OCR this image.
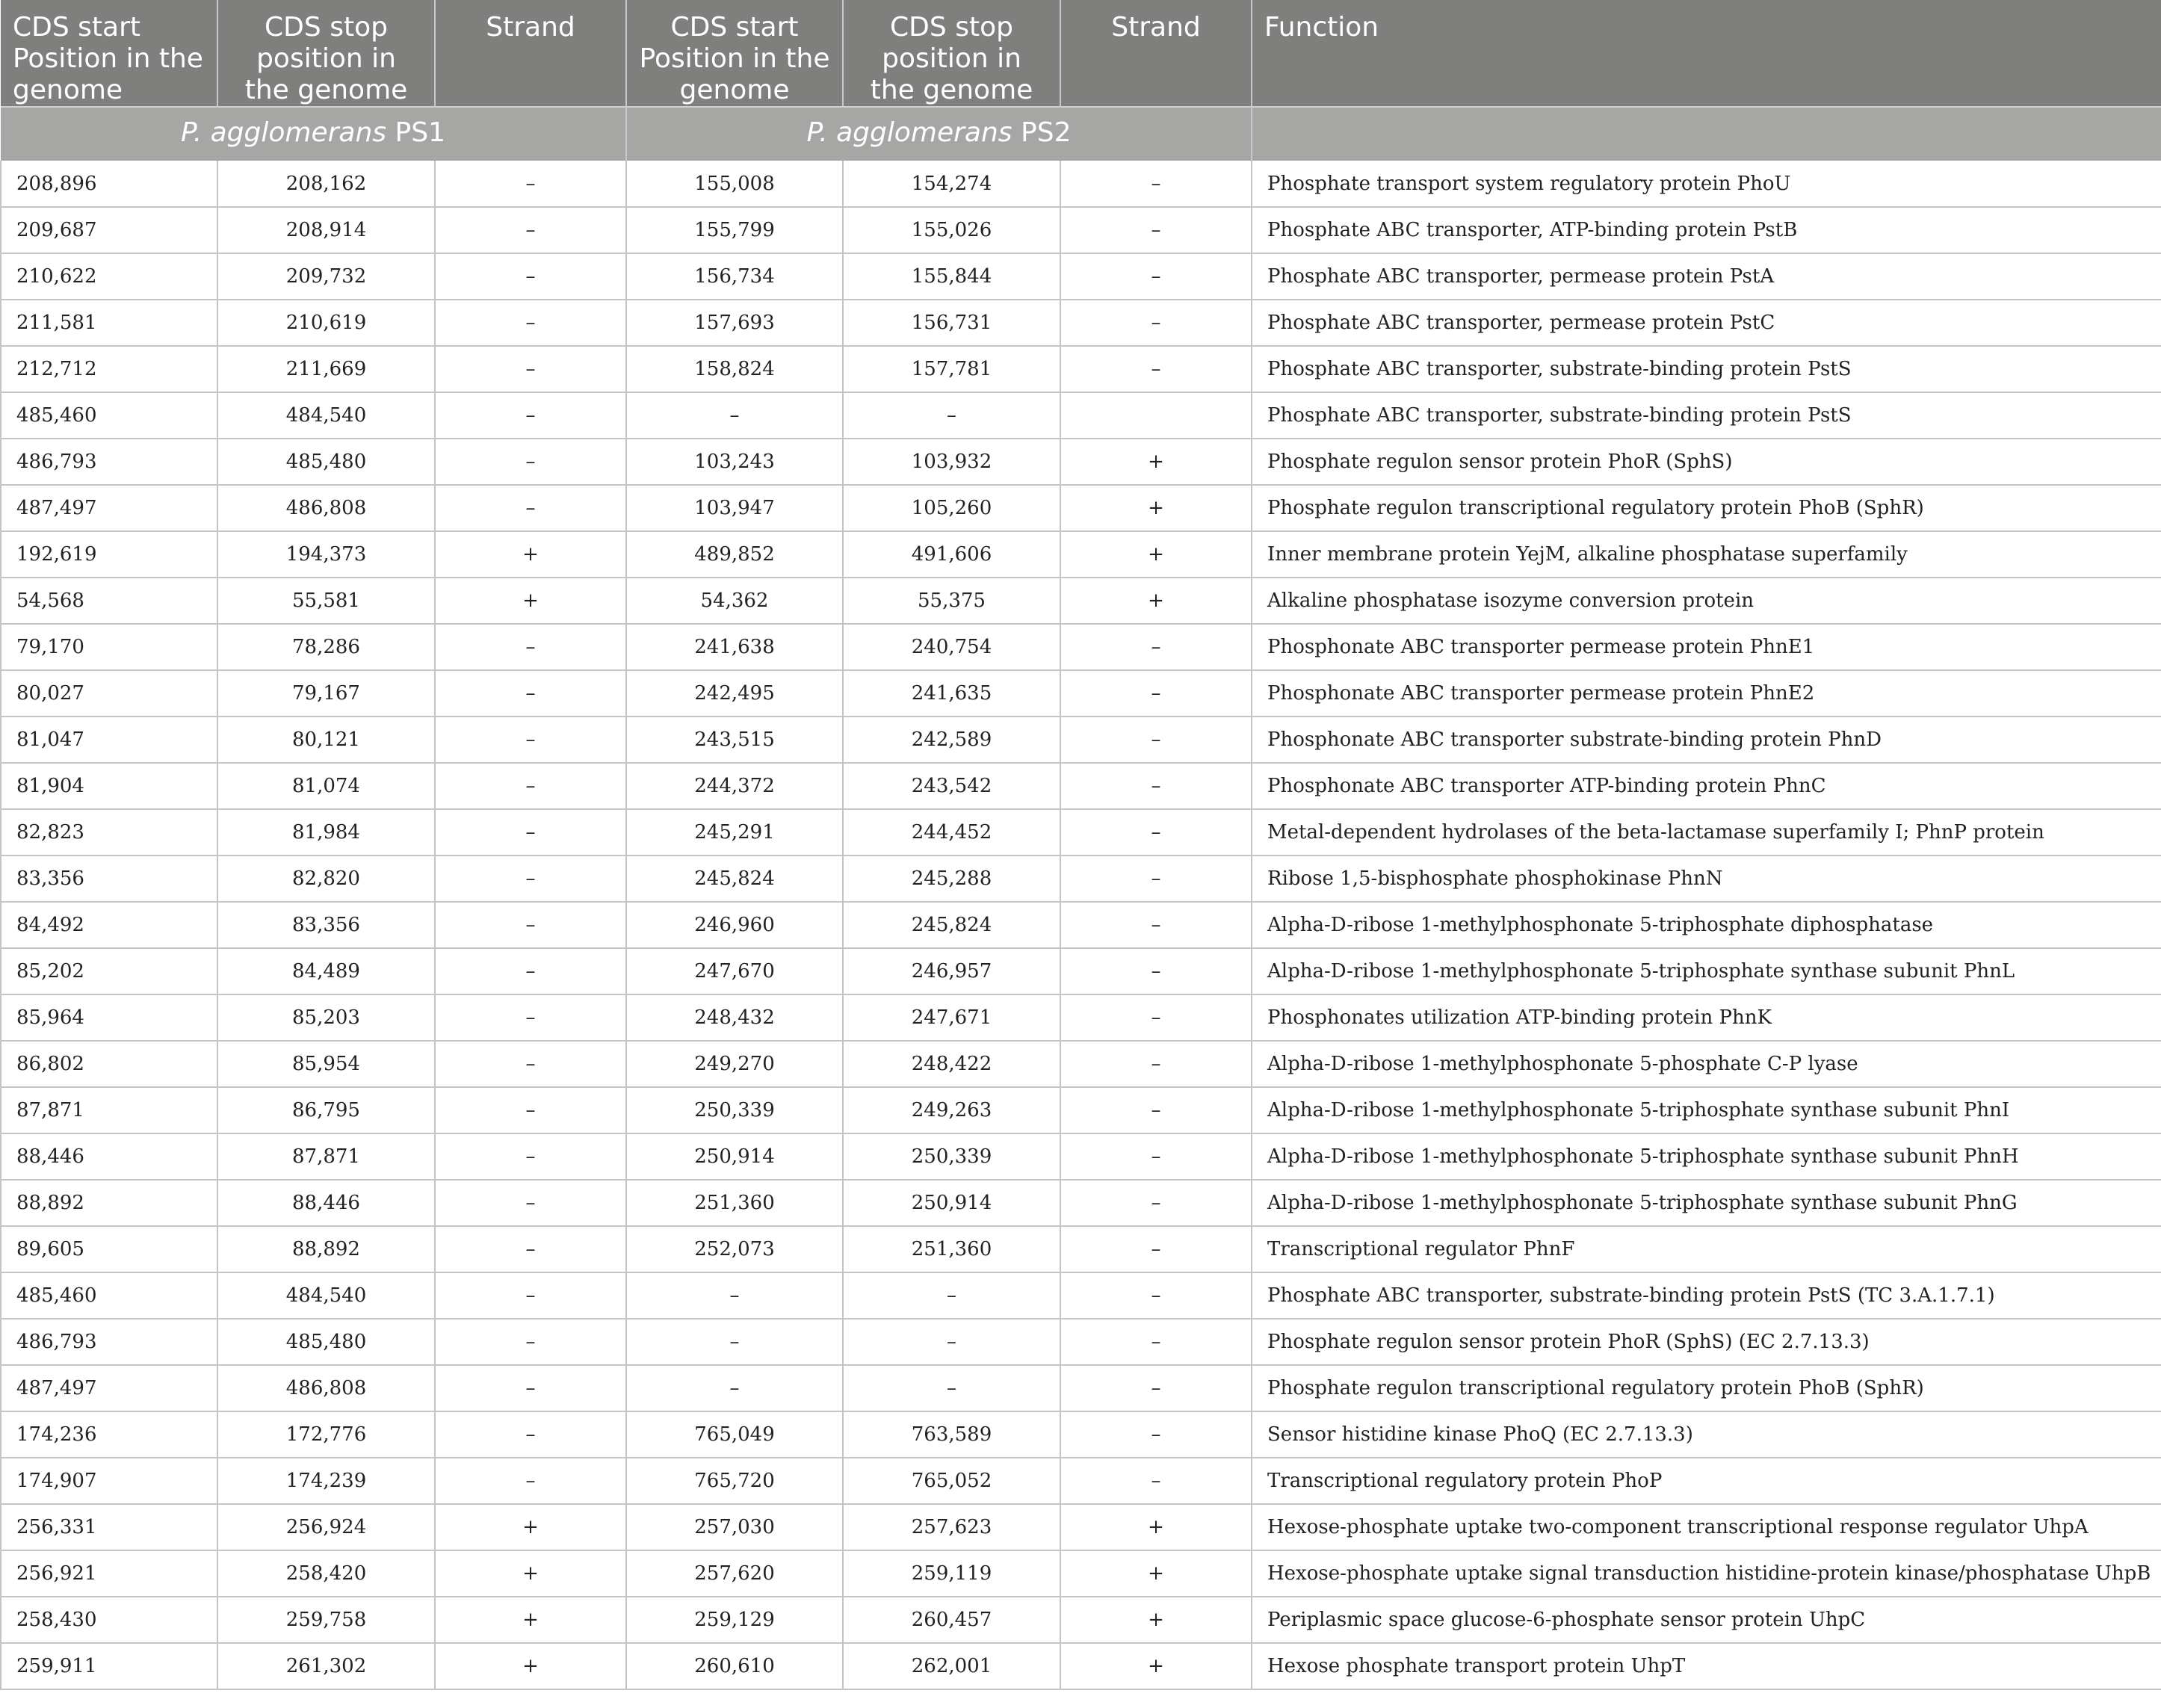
CDS start Position in the genome	CDS stop position in the genome	Strand	CDS start Position in the genome	CDS stop position in the genome	Strand	Function
P. agglomerans PS1			P. agglomerans PS2			
208,896	208,162	–	155,008	154,274	–	Phosphate transport system regulatory protein PhoU
209,687	208,914	–	155,799	155,026	–	Phosphate ABC transporter, ATP-binding protein PstB
210,622	209,732	–	156,734	155,844	–	Phosphate ABC transporter, permease protein PstA
211,581	210,619	–	157,693	156,731	–	Phosphate ABC transporter, permease protein PstC
212,712	211,669	–	158,824	157,781	–	Phosphate ABC transporter, substrate-binding protein PstS
485,460	484,540	–	–	–		Phosphate ABC transporter, substrate-binding protein PstS
486,793	485,480	–	103,243	103,932	+	Phosphate regulon sensor protein PhoR (SphS)
487,497	486,808	–	103,947	105,260	+	Phosphate regulon transcriptional regulatory protein PhoB (SphR)
192,619	194,373	+	489,852	491,606	+	Inner membrane protein YejM, alkaline phosphatase superfamily
54,568	55,581	+	54,362	55,375	+	Alkaline phosphatase isozyme conversion protein
79,170	78,286	–	241,638	240,754	–	Phosphonate ABC transporter permease protein PhnE1
80,027	79,167	–	242,495	241,635	–	Phosphonate ABC transporter permease protein PhnE2
81,047	80,121	–	243,515	242,589	–	Phosphonate ABC transporter substrate-binding protein PhnD
81,904	81,074	–	244,372	243,542	–	Phosphonate ABC transporter ATP-binding protein PhnC
82,823	81,984	–	245,291	244,452	–	Metal-dependent hydrolases of the beta-lactamase superfamily I; PhnP protein
83,356	82,820	–	245,824	245,288	–	Ribose 1,5-bisphosphate phosphokinase PhnN
84,492	83,356	–	246,960	245,824	–	Alpha-D-ribose 1-methylphosphonate 5-triphosphate diphosphatase
85,202	84,489	–	247,670	246,957	–	Alpha-D-ribose 1-methylphosphonate 5-triphosphate synthase subunit PhnL
85,964	85,203	–	248,432	247,671	–	Phosphonates utilization ATP-binding protein PhnK
86,802	85,954	–	249,270	248,422	–	Alpha-D-ribose 1-methylphosphonate 5-phosphate C-P lyase
87,871	86,795	–	250,339	249,263	–	Alpha-D-ribose 1-methylphosphonate 5-triphosphate synthase subunit PhnI
88,446	87,871	–	250,914	250,339	–	Alpha-D-ribose 1-methylphosphonate 5-triphosphate synthase subunit PhnH
88,892	88,446	–	251,360	250,914	–	Alpha-D-ribose 1-methylphosphonate 5-triphosphate synthase subunit PhnG
89,605	88,892	–	252,073	251,360	–	Transcriptional regulator PhnF
485,460	484,540	–	–	–	–	Phosphate ABC transporter, substrate-binding protein PstS (TC 3.A.1.7.1)
486,793	485,480	–	–	–	–	Phosphate regulon sensor protein PhoR (SphS) (EC 2.7.13.3)
487,497	486,808	–	–	–	–	Phosphate regulon transcriptional regulatory protein PhoB (SphR)
174,236	172,776	–	765,049	763,589	–	Sensor histidine kinase PhoQ (EC 2.7.13.3)
174,907	174,239	–	765,720	765,052	–	Transcriptional regulatory protein PhoP
256,331	256,924	+	257,030	257,623	+	Hexose-phosphate uptake two-component transcriptional response regulator UhpA
256,921	258,420	+	257,620	259,119	+	Hexose-phosphate uptake signal transduction histidine-protein kinase/phosphatase UhpB
258,430	259,758	+	259,129	260,457	+	Periplasmic space glucose-6-phosphate sensor protein UhpC
259,911	261,302	+	260,610	262,001	+	Hexose phosphate transport protein UhpT
